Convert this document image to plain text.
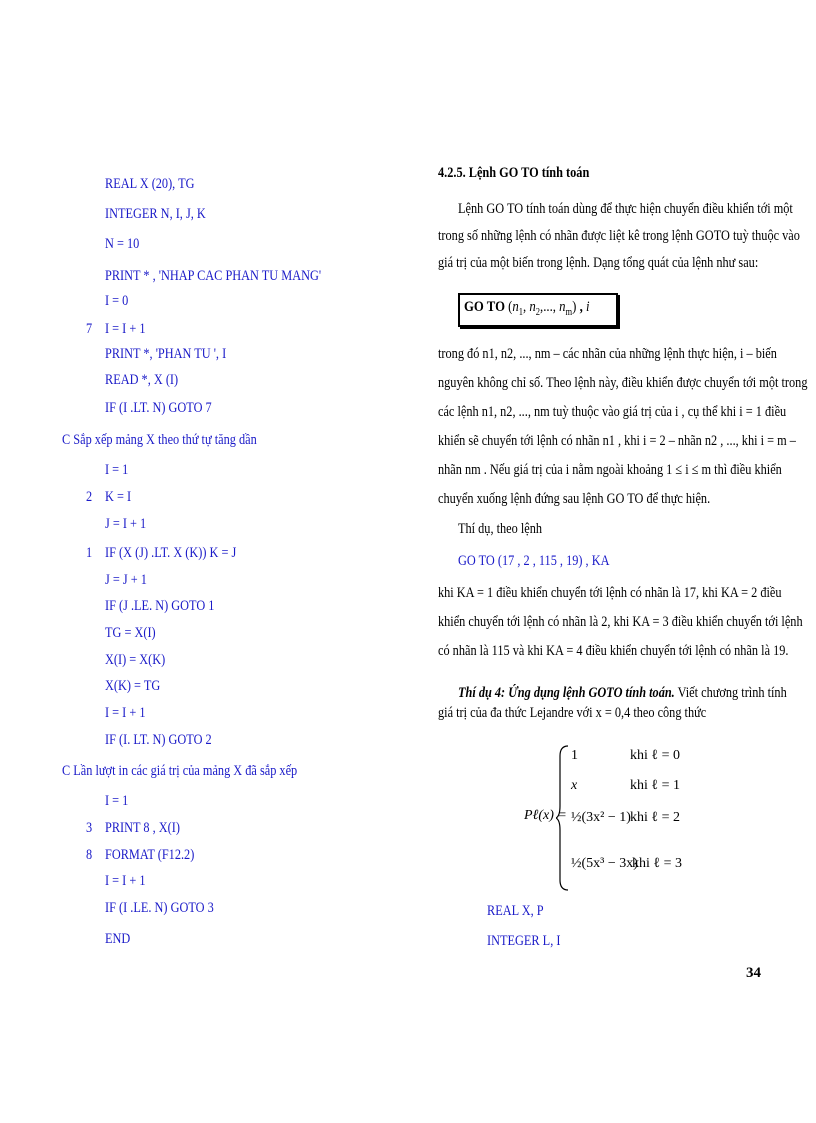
REAL X (20), TG
INTEGER N, I, J, K
N = 10
PRINT * , 'NHAP CAC PHAN TU MANG'
I = 0
7 I = I + 1
PRINT *, 'PHAN TU ', I
READ *, X (I)
IF (I .LT. N) GOTO 7
C Sắp xếp mảng X theo thứ tự tăng dần
I = 1
2 K = I
J = I + 1
1 IF (X (J) .LT. X (K)) K = J
J = J + 1
IF (J .LE. N) GOTO 1
TG = X(I)
X(I) = X(K)
X(K) = TG
I = I + 1
IF (I. LT. N) GOTO 2
C Lần lượt in các giá trị của mảng X đã sắp xếp
I = 1
3 PRINT 8 , X(I)
8 FORMAT (F12.2)
I = I + 1
IF (I .LE. N) GOTO 3
END
4.2.5. Lệnh GO TO tính toán
Lệnh GO TO tính toán dùng để thực hiện chuyển điều khiển tới một
trong số những lệnh có nhãn được liệt kê trong lệnh GOTO tuỳ thuộc vào
giá trị của một biến trong lệnh. Dạng tổng quát của lệnh như sau:
GO TO ($n_1$, $n_2$,..., $n_m$) , i
trong đó n1, n2, ..., nm – các nhãn của những lệnh thực hiện, i – biến
nguyên không chỉ số. Theo lệnh này, điều khiển được chuyển tới một trong
các lệnh n1, n2, ..., nm tuỳ thuộc vào giá trị của i , cụ thể khi i = 1 điều
khiển sẽ chuyển tới lệnh có nhãn n1 , khi i = 2 – nhãn n2 , ..., khi i = m –
nhãn nm . Nếu giá trị của i nằm ngoài khoảng 1 ≤ i ≤ m thì điều khiển
chuyển xuống lệnh đứng sau lệnh GO TO để thực hiện.
Thí dụ, theo lệnh
GO TO (17 , 2 , 115 , 19) , KA
khi KA = 1 điều khiển chuyển tới lệnh có nhãn là 17, khi KA = 2 điều
khiển chuyển tới lệnh có nhãn là 2, khi KA = 3 điều khiển chuyển tới lệnh
có nhãn là 115 và khi KA = 4 điều khiển chuyển tới lệnh có nhãn là 19.
Thí dụ 4: Ứng dụng lệnh GOTO tính toán. Viết chương trình tính
giá trị của đa thức Lejandre với x = 0,4 theo công thức
Pℓ(x) =
1	khi ℓ = 0
x	khi ℓ = 1
½(3x² − 1) khi ℓ = 2
½(5x³ − 3x)
khi ℓ = 3
REAL X, P
INTEGER L, I
34
